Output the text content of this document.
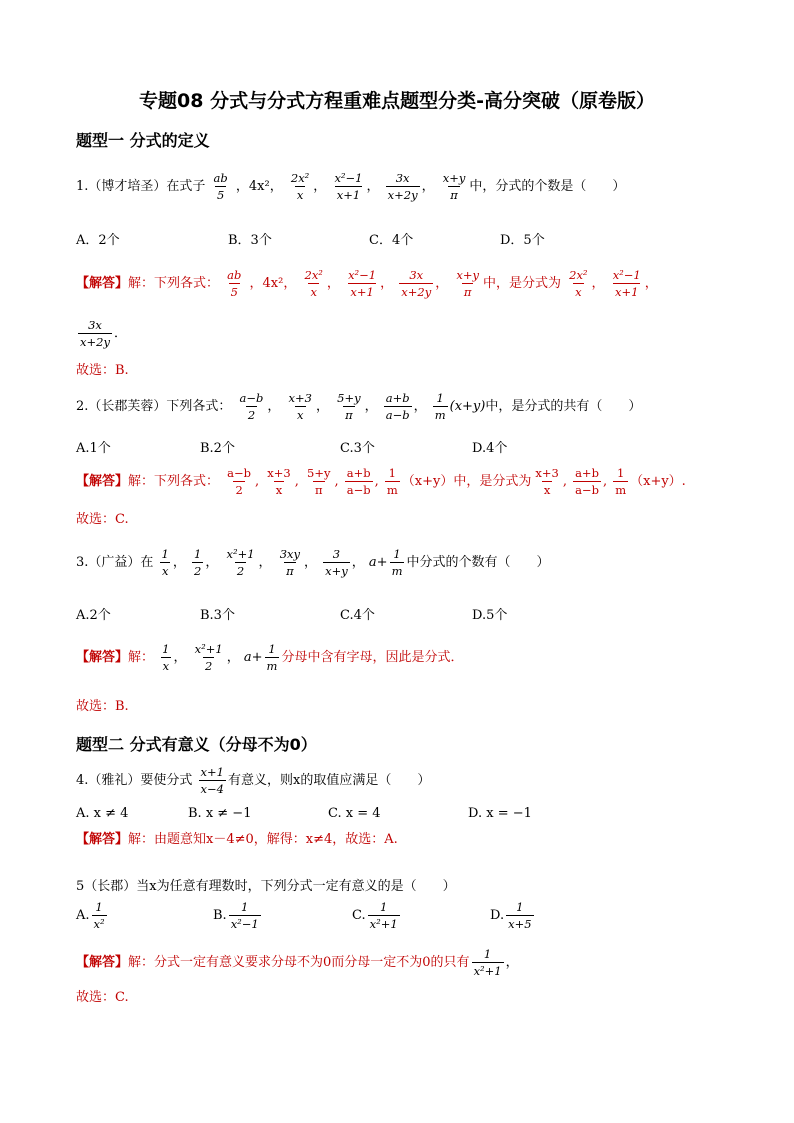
专题08 分式与分式方程重难点题型分类-高分突破（原卷版）
题型一 分式的定义
1.（博才培圣）在式子 $\frac{ab}{5}$ ，4x²， $\frac{\text{2x²}}{x}$ ， $\frac{\text{x²−1}}{x+1}$ ， $\frac{3x}{x+2y}$ ， $\frac{x+y}{\pi}$ 中，分式的个数是（　　）
A．2个	B．3个	C．4个	D．5个
【解答】解：下列各式： $\frac{ab}{5}$ ，4x²， $\frac{\text{2x²}}{x}$ ， $\frac{\text{x²−1}}{x+1}$ ， $\frac{3x}{x+2y}$ ， $\frac{x+y}{\pi}$ 中，是分式为 $\frac{\text{2x²}}{x}$ ， $\frac{\text{x²−1}}{x+1}$ ，
$\frac{3x}{x+2y}$ ．
故选：B.
2.（长郡芙蓉）下列各式： $\frac{a-b}{2}$ ， $\frac{x+3}{x}$ ， $\frac{5+y}{\pi}$ ， $\frac{a+b}{a-b}$ ， $\frac{1}{m} (x+y)$中，是分式的共有（　　）
A.1个	B.2个	C.3个	D.4个
【解答】解：下列各式： $\frac{a-b}{2}$ , $\frac{x+3}{x}$ , $\frac{5+y}{\pi}$ , $\frac{a+b}{a-b}$ , $\frac{1}{m} (x+y)$中，是分式为 $\frac{x+3}{x}$ , $\frac{a+b}{a-b}$ , $\frac{1}{m} (x+y)$.
故选：C.
3.（广益）在 $\frac{1}{x}$ ， $\frac{1}{2}$ ， $\frac{\text{x²+1}}{2}$ ， $\frac{3xy}{\pi}$ ， $\frac{3}{x+y}$ ， $a+ \frac{1}{m}$ 中分式的个数有（　　）
A.2个	B.3个	C.4个	D.5个
【解答】解： $\frac{1}{x}$ ， $\frac{\text{x²+1}}{2}$ ， $a+ \frac{1}{m}$ 分母中含有字母，因此是分式．
故选：B.
题型二 分式有意义（分母不为0）
4.（雅礼）要使分式 $\frac{x+1}{x-4}$ 有意义，则x的取值应满足（　　）
A. x ≠ 4	B. x ≠ −1	C. x = 4	D. x = −1
【解答】解：由题意知x－4≠0，解得：x≠4，故选：A.
5（长郡）当x为任意有理数时，下列分式一定有意义的是（　　）
A. $\frac{1}{\text{x²}}$	B. $\frac{1}{\text{x²−1}}$	C. $\frac{1}{\text{x²+1}}$	D. $\frac{1}{x+5}$
【解答】解：分式一定有意义要求分母不为0而分母一定不为0的只有 $\frac{1}{\text{x²+1}}$ ，
故选：C.
